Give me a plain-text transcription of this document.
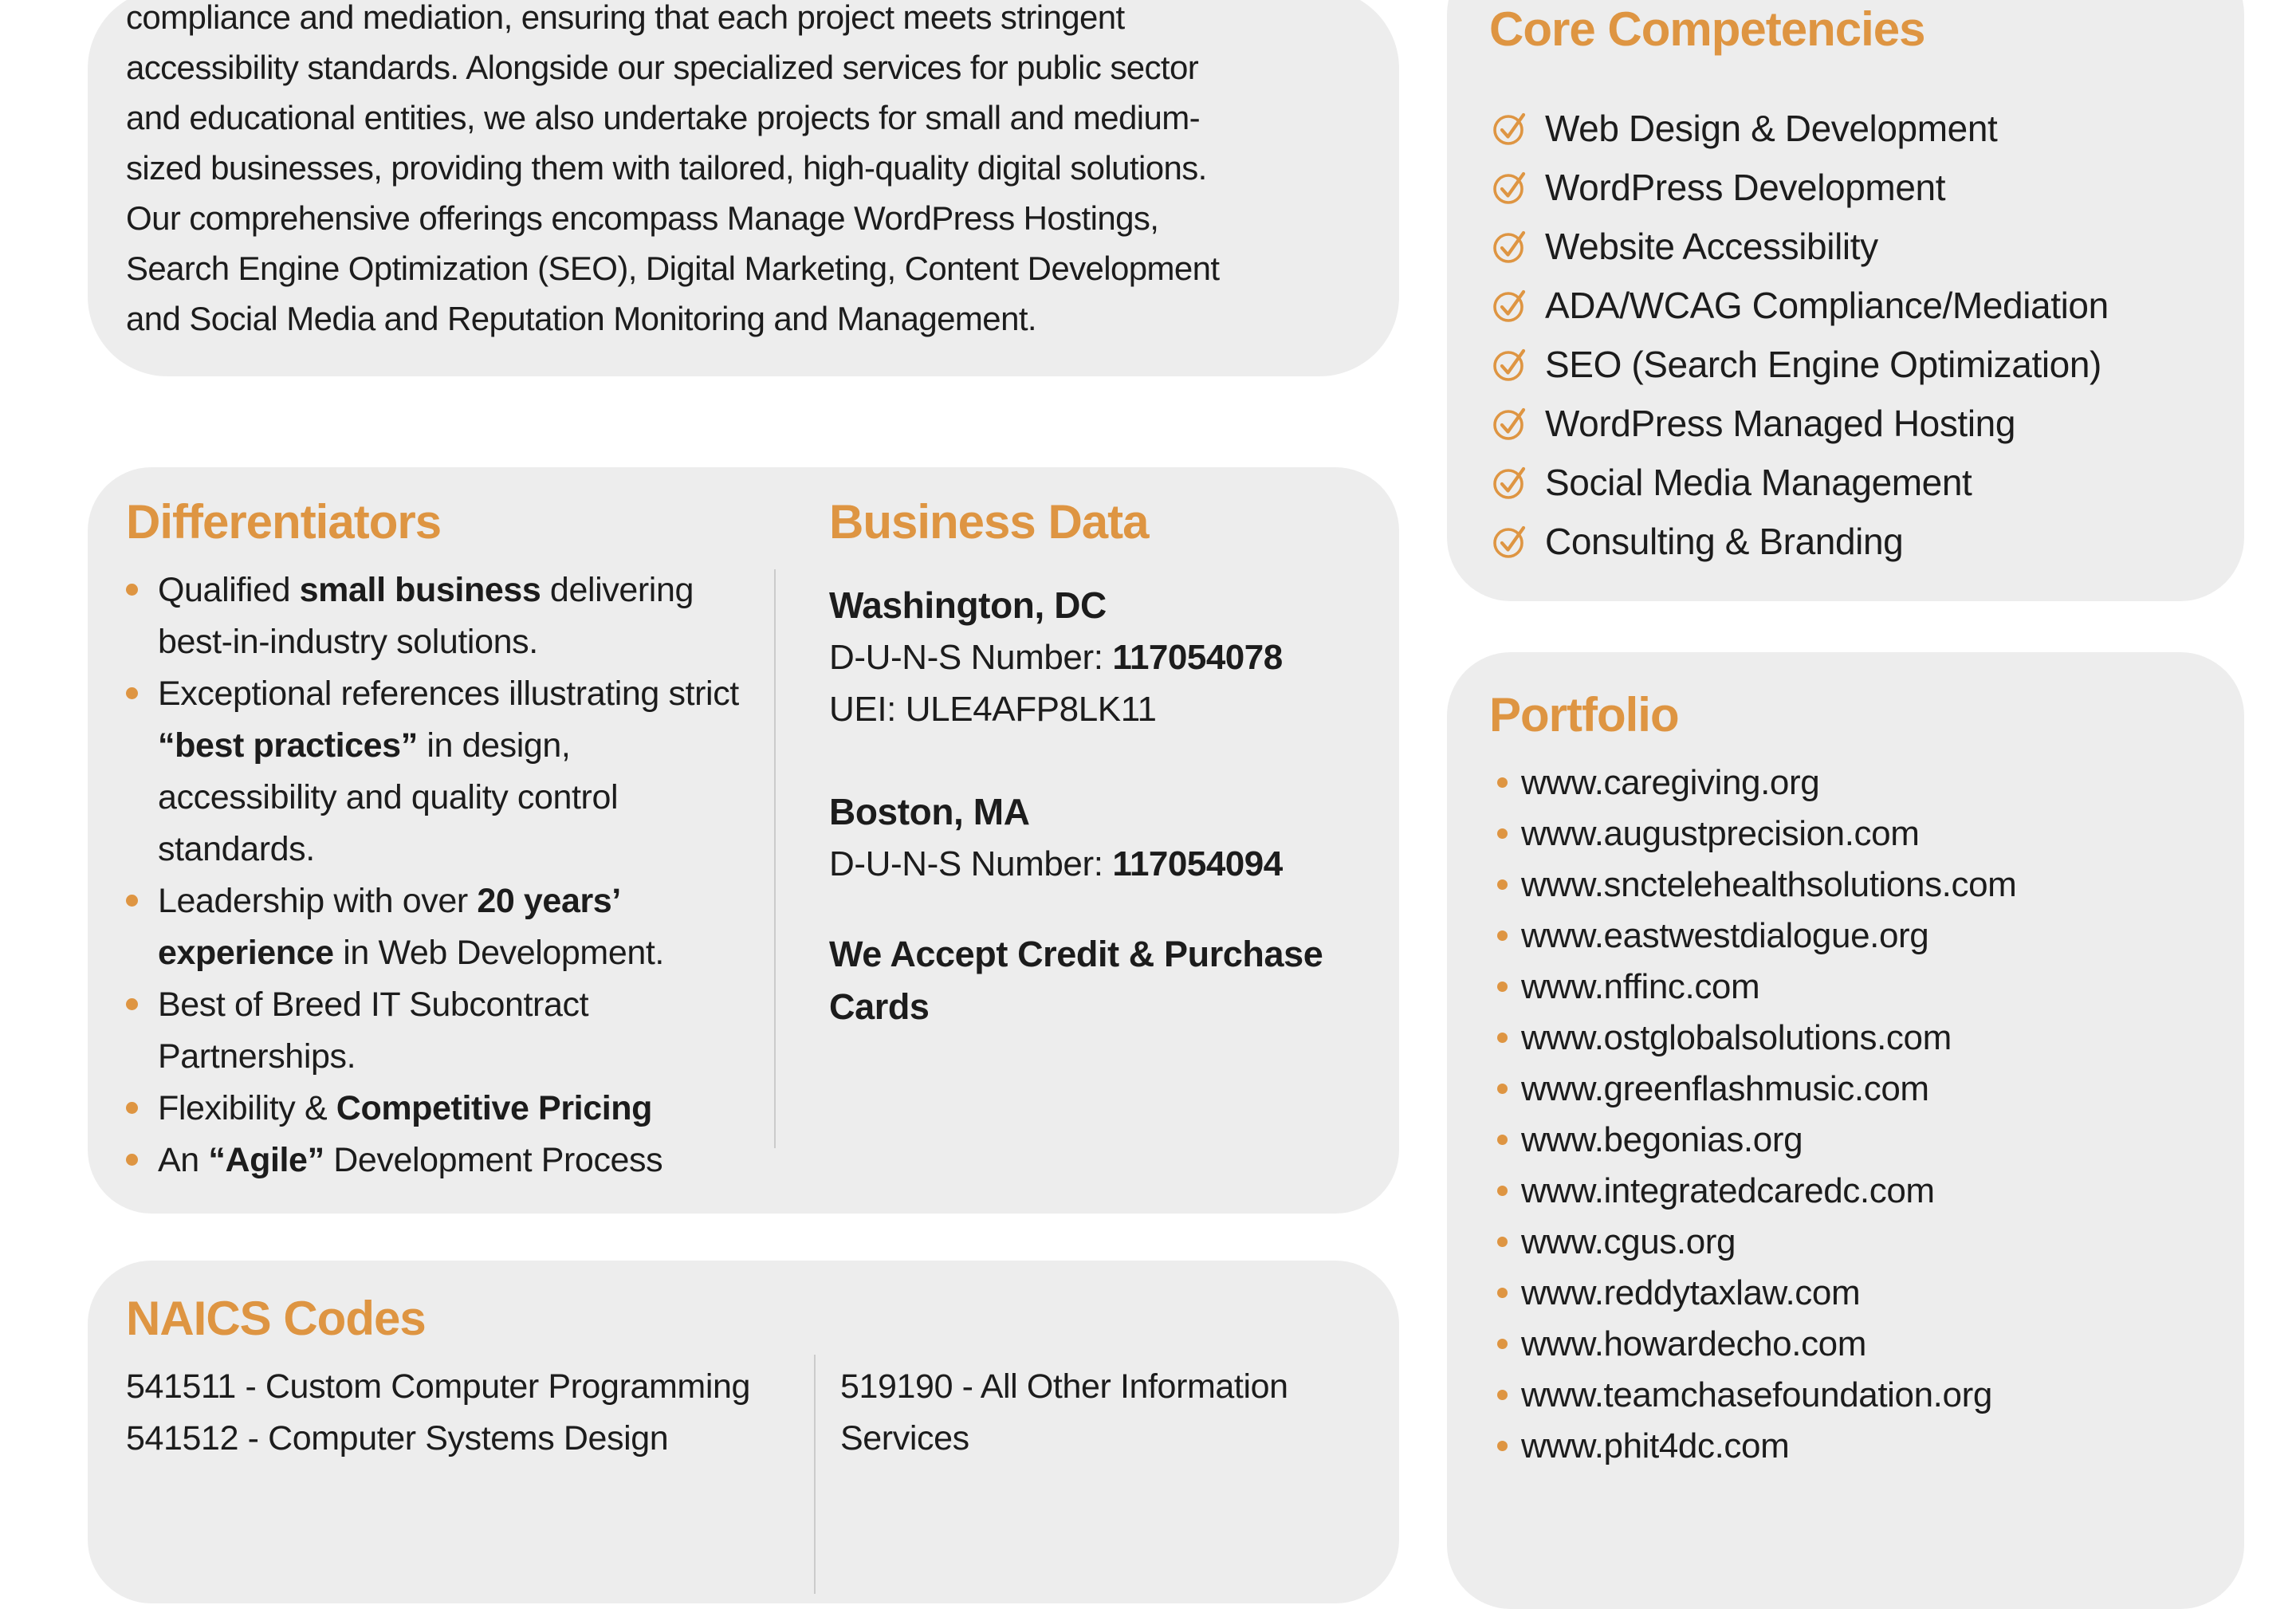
compliance and mediation, ensuring that each project meets stringent
accessibility standards. Alongside our specialized services for public sector
and educational entities, we also undertake projects for small and medium-
sized businesses, providing them with tailored, high-quality digital solutions.
Our comprehensive offerings encompass Manage WordPress Hostings,
Search Engine Optimization (SEO), Digital Marketing, Content Development
and Social Media and Reputation Monitoring and Management.
Differentiators
Qualified small business delivering best-in-industry solutions.
Exceptional references illustrating strict “best practices” in design, accessibility and quality control standards.
Leadership with over 20 years’ experience in Web Development.
Best of Breed IT Subcontract Partnerships.
Flexibility & Competitive Pricing
An “Agile” Development Process
Business Data
Washington, DC
D-U-N-S Number: 117054078
UEI: ULE4AFP8LK11
Boston, MA
D-U-N-S Number: 117054094
We Accept Credit & Purchase Cards
NAICS Codes
541511 - Custom Computer Programming
541512 - Computer Systems Design
519190 - All Other Information Services
Core Competencies
Web Design & Development
WordPress Development
Website Accessibility
ADA/WCAG Compliance/Mediation
SEO (Search Engine Optimization)
WordPress Managed Hosting
Social Media Management
Consulting & Branding
Portfolio
www.caregiving.org
www.augustprecision.com
www.snctelehealthsolutions.com
www.eastwestdialogue.org
www.nffinc.com
www.ostglobalsolutions.com
www.greenflashmusic.com
www.begonias.org
www.integratedcaredc.com
www.cgus.org
www.reddytaxlaw.com
www.howardecho.com
www.teamchasefoundation.org
www.phit4dc.com
